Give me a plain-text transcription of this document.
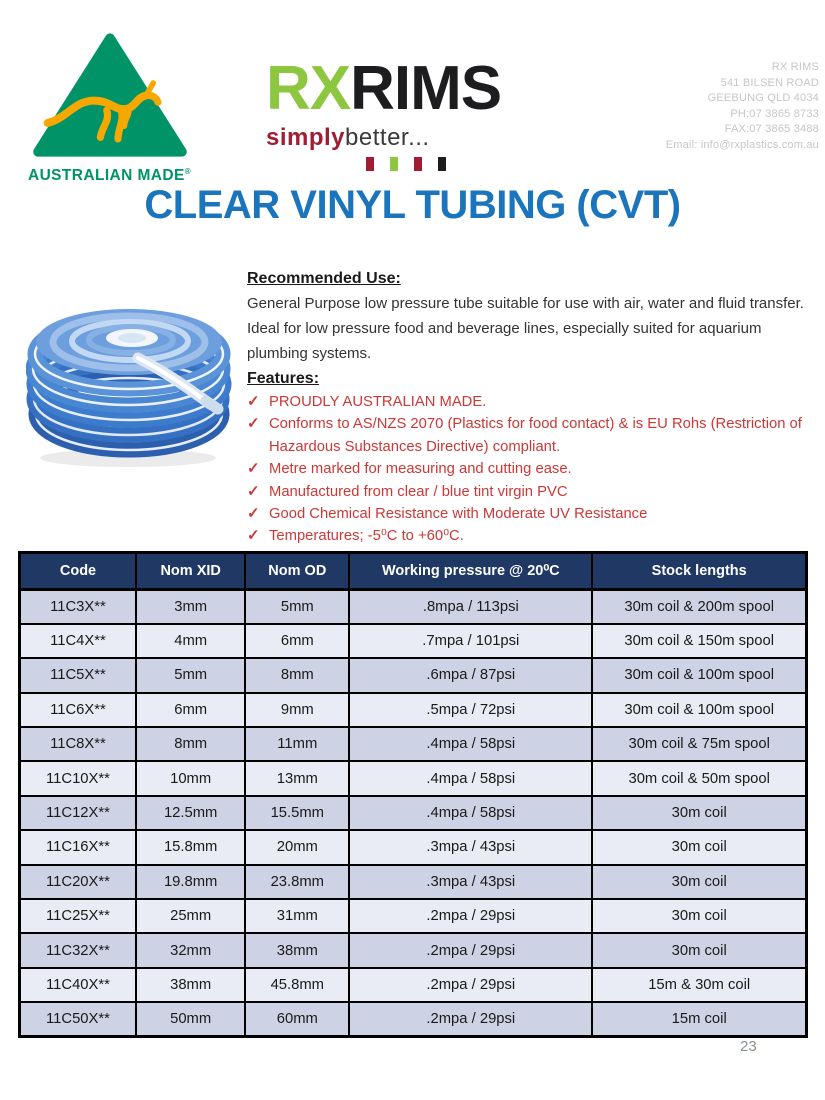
AUSTRALIAN MADE®
RXRIMS
simplybetter...
RX RIMS
541 BILSEN ROAD
GEEBUNG QLD 4034
PH:07 3865 8733
FAX:07 3865 3488
Email: info@rxplastics.com.au
CLEAR VINYL TUBING (CVT)
Recommended Use:
General Purpose low pressure tube suitable for use with air, water and fluid transfer. Ideal for low pressure food and beverage lines, especially suited for aquarium plumbing systems.
Features:
✓ PROUDLY AUSTRALIAN MADE.
✓ Conforms to AS/NZS 2070 (Plastics for food contact) & is EU Rohs (Restriction of Hazardous Substances Directive) compliant.
✓ Metre marked for measuring and cutting ease.
✓ Manufactured from clear / blue tint virgin PVC
✓ Good Chemical Resistance with Moderate UV Resistance
✓ Temperatures; -5⁰C to +60⁰C.
Code	Nom XID	Nom OD	Working pressure @ 20⁰C	Stock lengths
11C3X**	3mm	5mm	.8mpa / 113psi	30m coil & 200m spool
11C4X**	4mm	6mm	.7mpa / 101psi	30m coil & 150m spool
11C5X**	5mm	8mm	.6mpa / 87psi	30m coil & 100m spool
11C6X**	6mm	9mm	.5mpa / 72psi	30m coil & 100m spool
11C8X**	8mm	11mm	.4mpa / 58psi	30m coil & 75m spool
11C10X**	10mm	13mm	.4mpa / 58psi	30m coil & 50m spool
11C12X**	12.5mm	15.5mm	.4mpa / 58psi	30m coil
11C16X**	15.8mm	20mm	.3mpa / 43psi	30m coil
11C20X**	19.8mm	23.8mm	.3mpa / 43psi	30m coil
11C25X**	25mm	31mm	.2mpa / 29psi	30m coil
11C32X**	32mm	38mm	.2mpa / 29psi	30m coil
11C40X**	38mm	45.8mm	.2mpa / 29psi	15m & 30m coil
11C50X**	50mm	60mm	.2mpa / 29psi	15m coil
23
